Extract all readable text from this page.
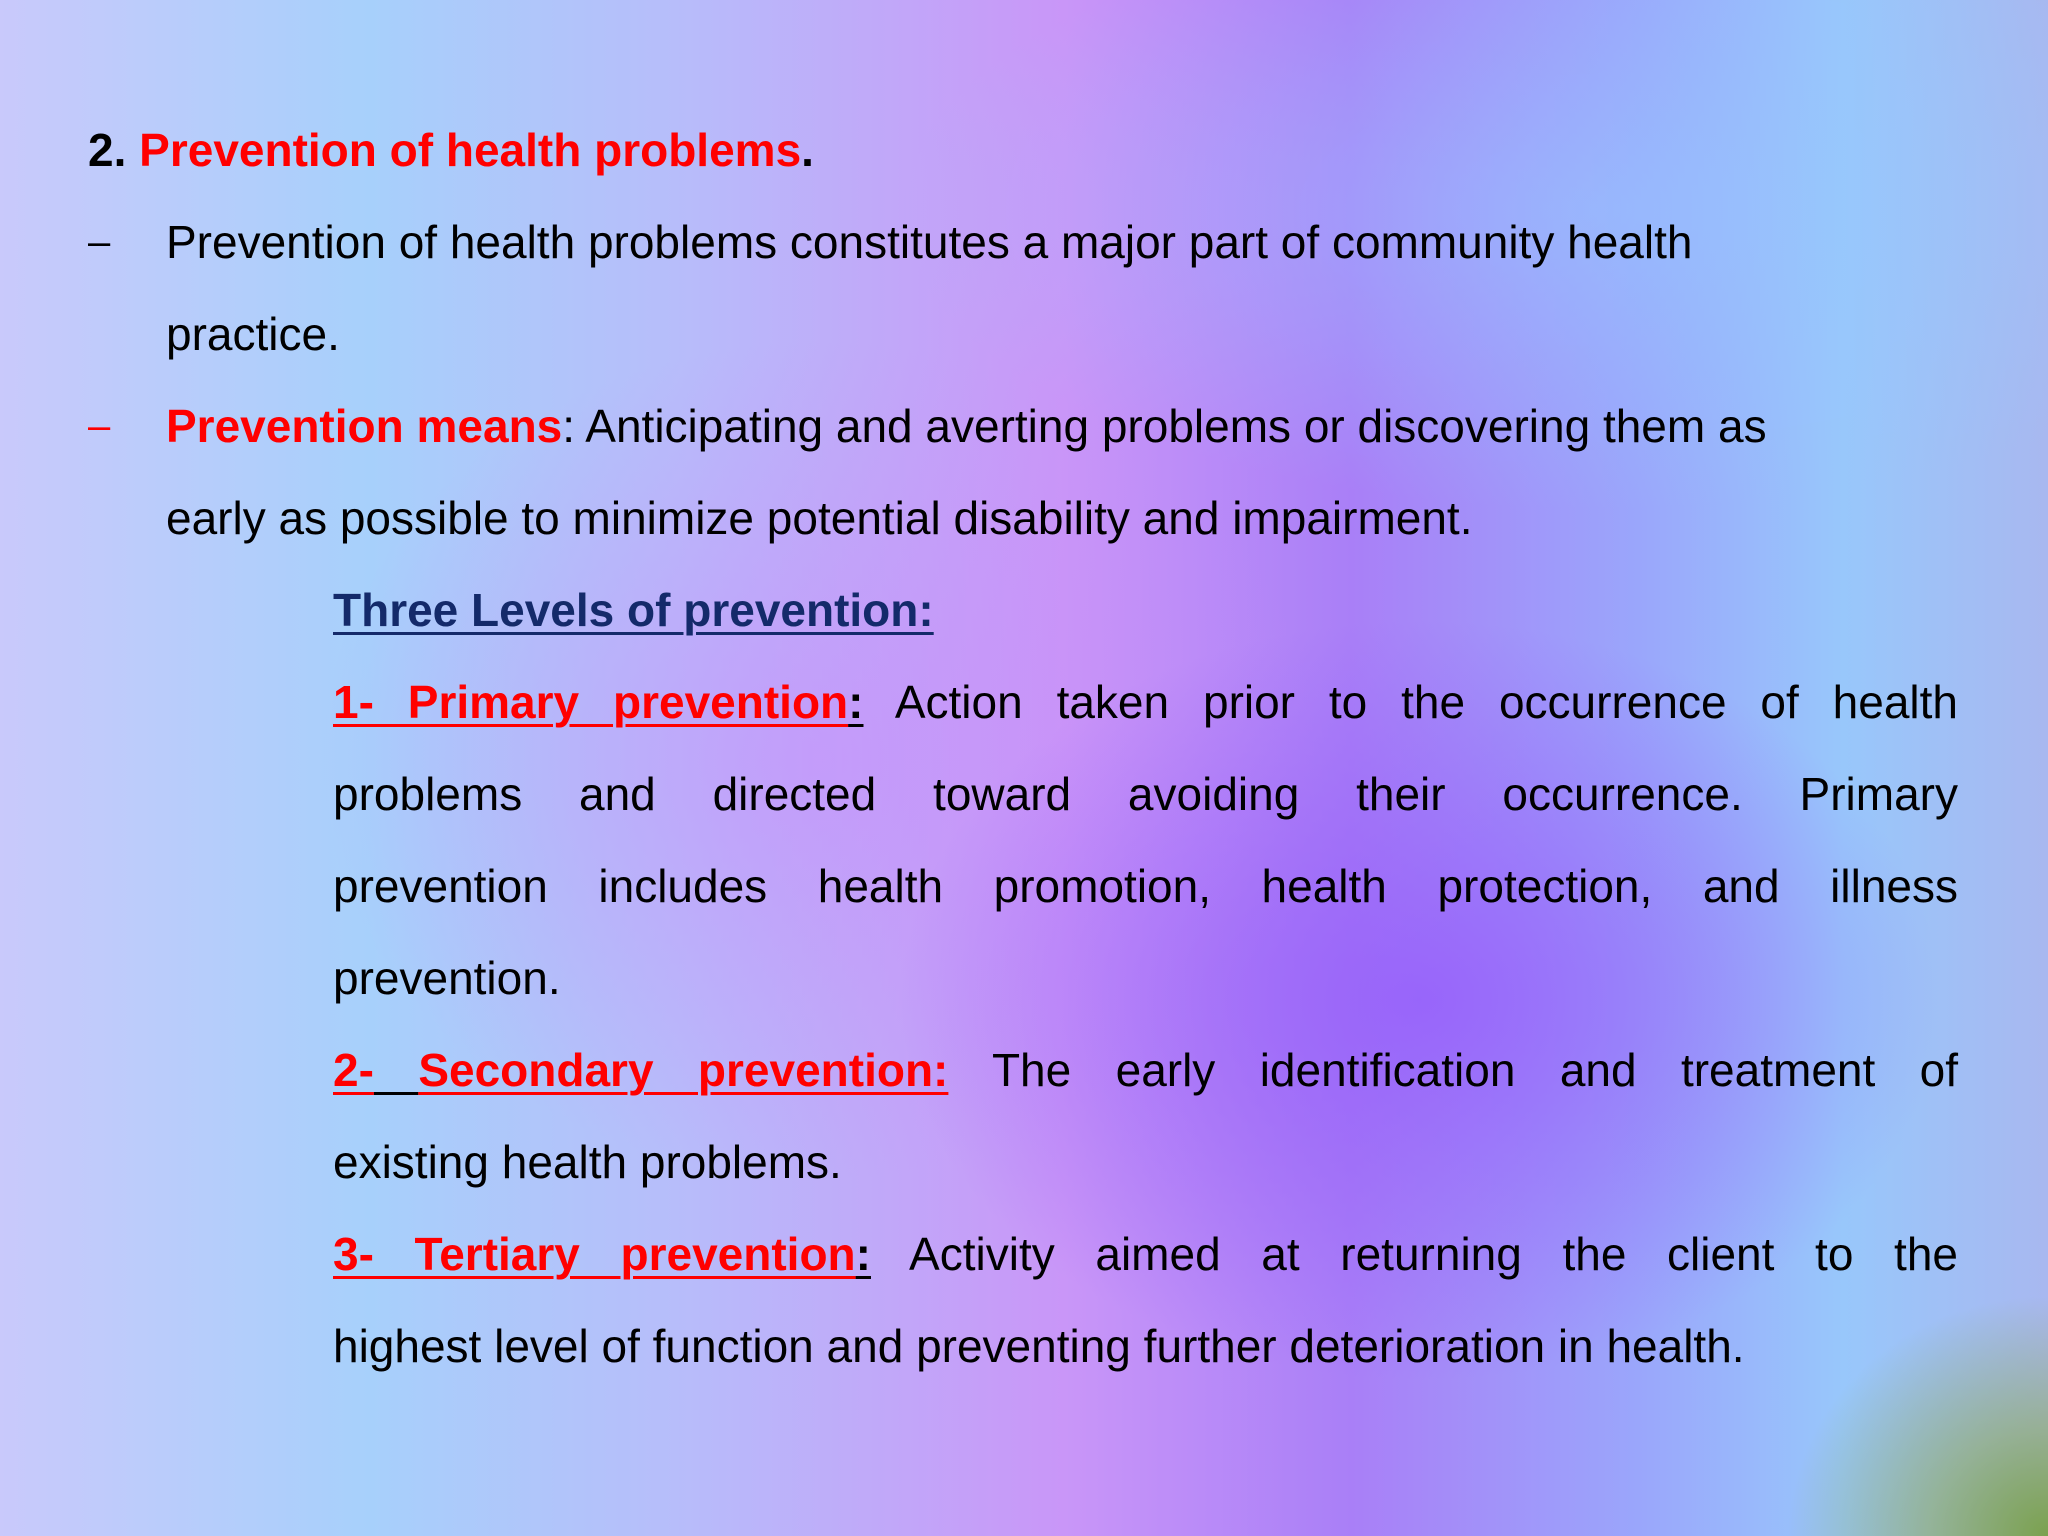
2. Prevention of health problems.
– Prevention of health problems constitutes a major part of community health
practice.
– Prevention means: Anticipating and averting problems or discovering them as
early as possible to minimize potential disability and impairment.
Three Levels of prevention:
1- Primary prevention: Action taken prior to the occurrence of health
problems and directed toward avoiding their occurrence. Primary
prevention includes health promotion, health protection, and illness
prevention.
2- Secondary prevention: The early identification and treatment of
existing health problems.
3- Tertiary prevention: Activity aimed at returning the client to the
highest level of function and preventing further deterioration in health.
